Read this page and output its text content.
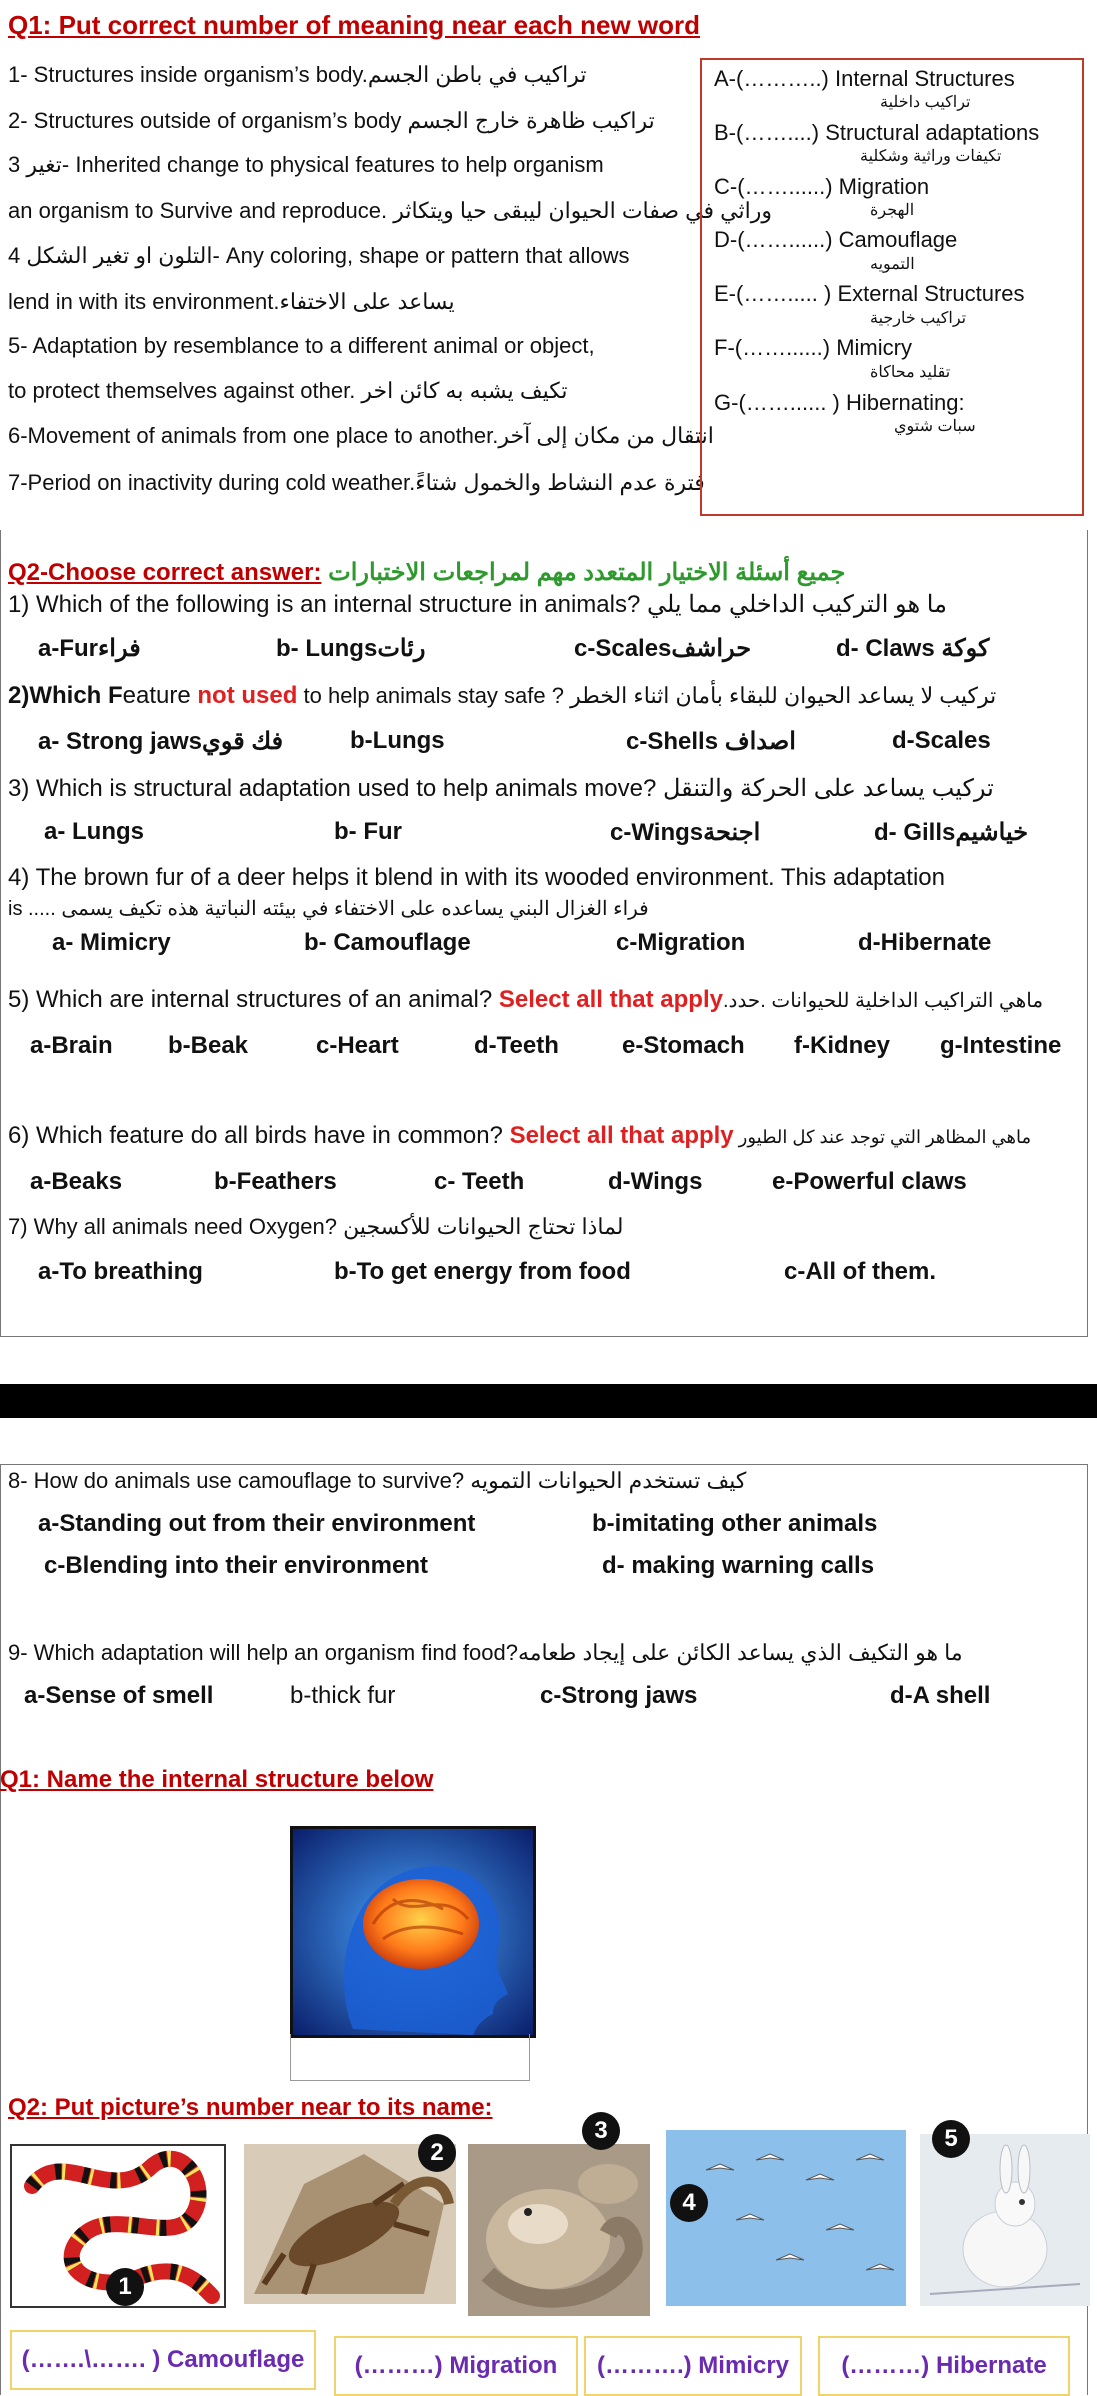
Q1: Put correct number of meaning near each new word
1- Structures inside organism’s body.تراكيب في باطن الجسم
2- Structures outside of organism’s body تراكيب ظاهرة خارج الجسم
تغير 3- Inherited change to physical features to help organism
an organism to Survive and reproduce. وراثي في صفات الحيوان ليبقى حيا ويتكاثر
التلون او تغير الشكل 4- Any coloring, shape or pattern that allows
lend in with its environment.يساعد على الاختفاء
5- Adaptation by resemblance to a different animal or object,
to protect themselves against other. تكيف يشبه به كائن اخر
6-Movement of animals from one place to another.انتقال من مكان إلى آخر
7-Period on inactivity during cold weather.فترة عدم النشاط والخمول شتاءً
A-(………..) Internal Structures
تراكيب داخلية
B-(……....) Structural adaptations
تكيفات وراثية وشكلية
C-(……......) Migration
الهجرة
D-(……......) Camouflage
التمويه
E-(……..... ) External Structures
تراكيب خارجية
F-(……......) Mimicry
تقليد محاكاة
G-(……...... ) Hibernating:
سبات شتوي
Q2-Choose correct answer: جميع أسئلة الاختيار المتعدد مهم لمراجعات الاختبارات
1) Which of the following is an internal structure in animals? ما هو التركيب الداخلي مما يلي
a-Furفراء	b- Lungsرئات	c-Scalesحراشف	d- Claws كوكة
2)Which Feature not used to help animals stay safe ? تركيب لا يساعد الحيوان للبقاء بأمان اثناء الخطر
a- Strong jawsفك قوي	b-Lungs	c-Shells اصداف	d-Scales
3) Which is structural adaptation used to help animals move? تركيب يساعد على الحركة والتنقل
a- Lungs	b- Fur	c-Wingsاجنحة	d- Gillsخياشيم
4) The brown fur of a deer helps it blend in with its wooded environment. This adaptation
is ..... فراء الغزال البني يساعده على الاختفاء في بيئته النباتية هذه تكيف يسمى
a- Mimicry	b- Camouflage	c-Migration	d-Hibernate
5) Which are internal structures of an animal? Select all that apply.ماهي التراكيب الداخلية للحيوانات .حدد
a-Brain b-Beak	c-Heart	d-Teeth	e-Stomach f-Kidney g-Intestine
6) Which feature do all birds have in common? Select all that apply ماهي المظاهر التي توجد عند كل الطيور
a-Beaks	b-Feathers	c- Teeth	d-Wings	e-Powerful claws
7) Why all animals need Oxygen? لماذا تحتاج الحيوانات للأكسجين
a-To breathing	b-To get energy from food	c-All of them.
8- How do animals use camouflage to survive? كيف تستخدم الحيوانات التمويه
a-Standing out from their environment	b-imitating other animals
c-Blending into their environment	d- making warning calls
9- Which adaptation will help an organism find food?ما هو التكيف الذي يساعد الكائن على إيجاد طعامه
a-Sense of smell	b-thick fur	c-Strong jaws	d-A shell
Q1: Name the internal structure below
Q2: Put picture’s number near to its name:
1
2
3
4
5
(…….\……. ) Camouflage	(………) Migration	(……….) Mimicry	(………) Hibernate
